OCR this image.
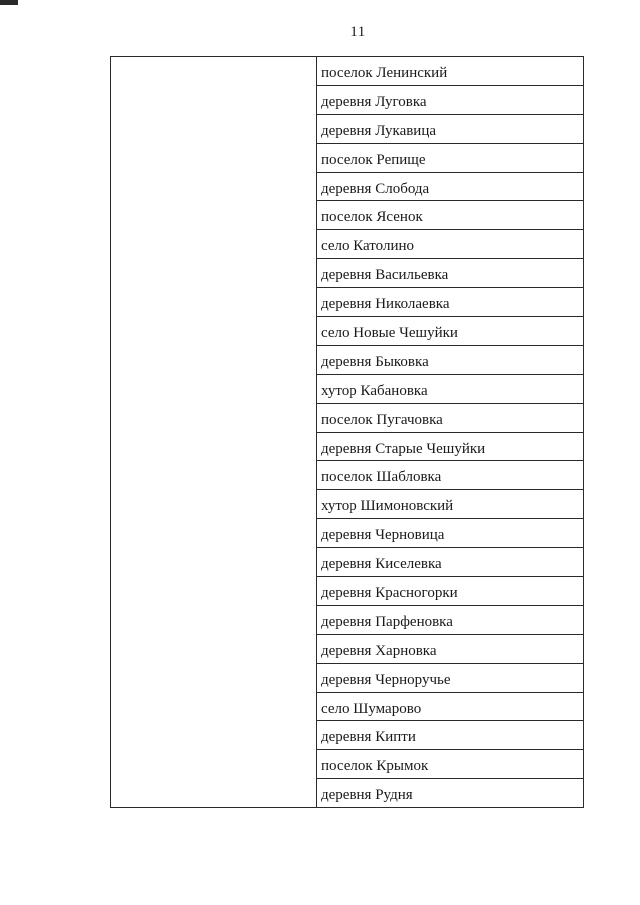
11
	поселок Ленинский
деревня Луговка
деревня Лукавица
поселок Репище
деревня Слобода
поселок Ясенок
село Католино
деревня Васильевка
деревня Николаевка
село Новые Чешуйки
деревня Быковка
хутор Кабановка
поселок Пугачовка
деревня Старые Чешуйки
поселок Шабловка
хутор Шимоновский
деревня Черновица
деревня Киселевка
деревня Красногорки
деревня Парфеновка
деревня Харновка
деревня Черноручье
село Шумарово
деревня Кипти
поселок Крымок
деревня Рудня
